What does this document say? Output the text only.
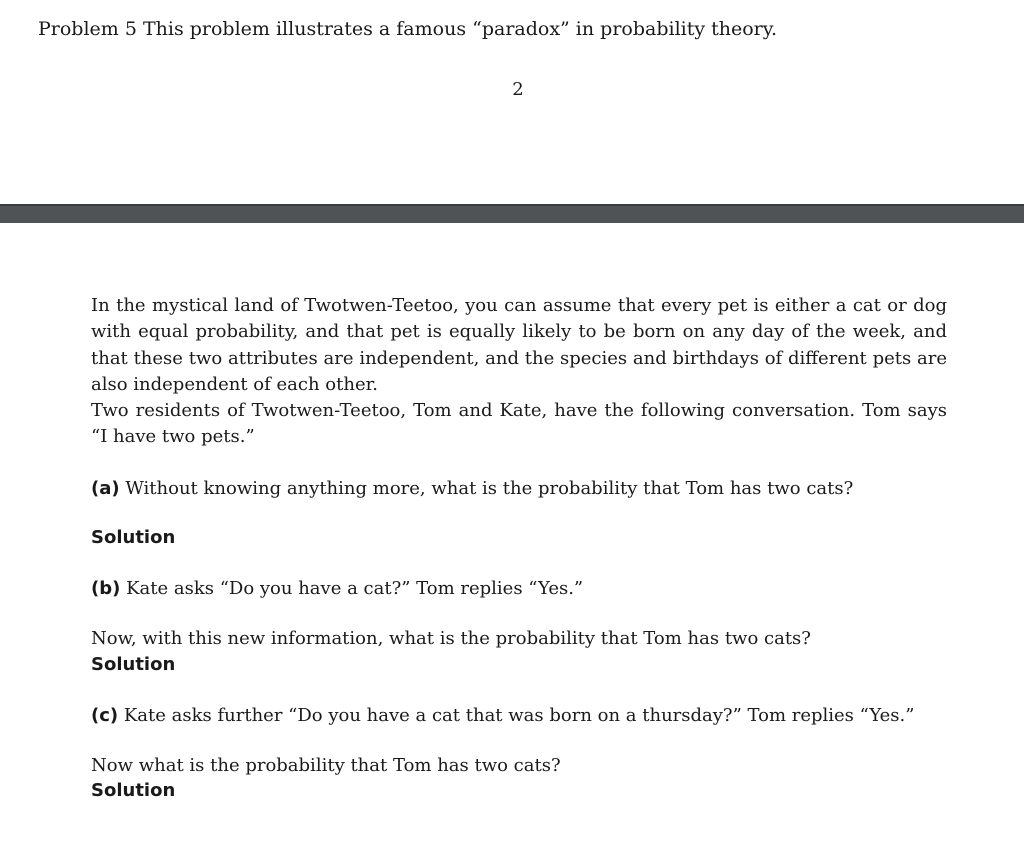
Problem 5 This problem illustrates a famous “paradox” in probability theory.
2

In the mystical land of Twotwen-Teetoo, you can assume that every pet is either a cat or dog with equal probability, and that pet is equally likely to be born on any day of the week, and that these two attributes are independent, and the species and birthdays of different pets are also independent of each other.

Two residents of Twotwen-Teetoo, Tom and Kate, have the following conversation. Tom says “I have two pets.”

(a) Without knowing anything more, what is the probability that Tom has two cats?
Solution
(b) Kate asks “Do you have a cat?” Tom replies “Yes.”
Now, with this new information, what is the probability that Tom has two cats?
Solution
(c) Kate asks further “Do you have a cat that was born on a thursday?” Tom replies “Yes.”
Now what is the probability that Tom has two cats?
Solution
